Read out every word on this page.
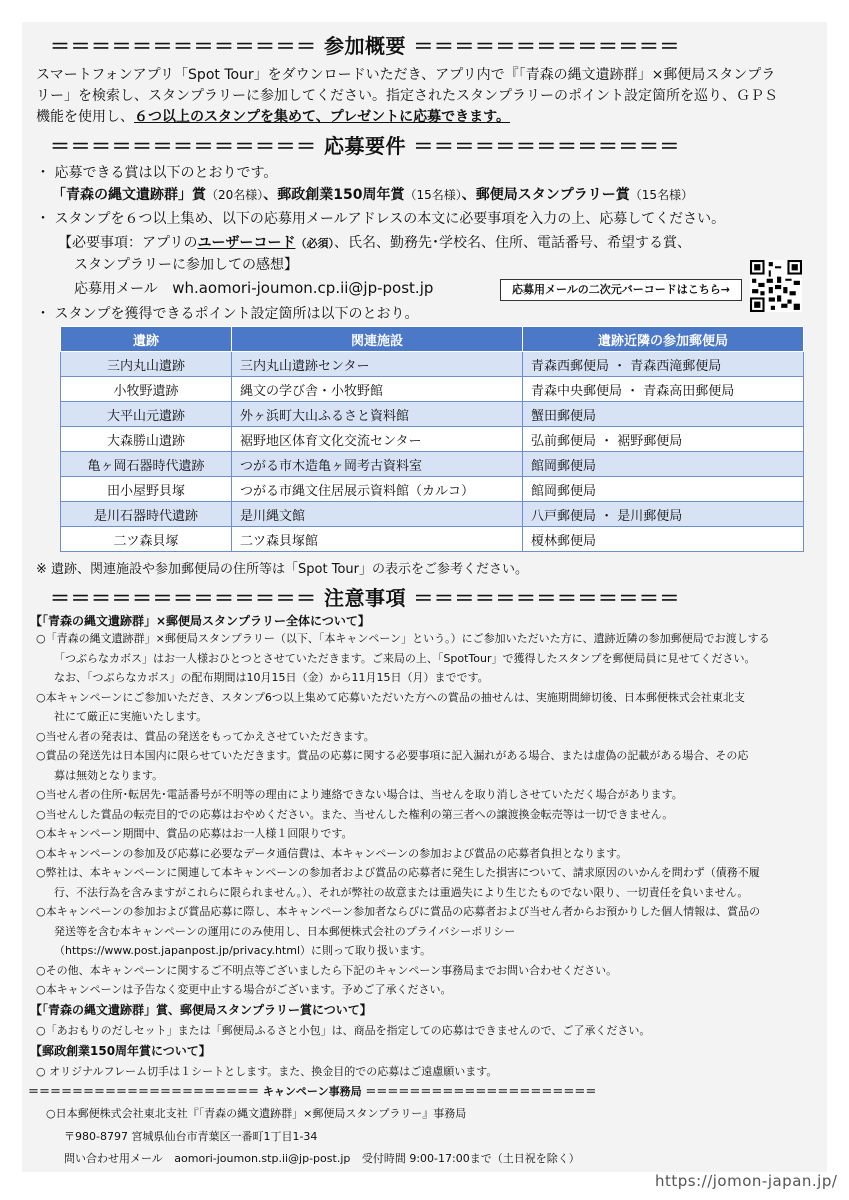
＝＝＝＝＝＝＝＝＝＝＝＝＝ 参加概要 ＝＝＝＝＝＝＝＝＝＝＝＝＝
スマートフォンアプリ「Spot Tour」をダウンロードいただき、アプリ内で『「青森の縄文遺跡群」×郵便局スタンプラ
リー」を検索し、スタンプラリーに参加してください。指定されたスタンプラリーのポイント設定箇所を巡り、ＧＰＳ
機能を使用し、６つ以上のスタンプを集めて、プレゼントに応募できます。
＝＝＝＝＝＝＝＝＝＝＝＝＝ 応募要件 ＝＝＝＝＝＝＝＝＝＝＝＝＝
・ 応募できる賞は以下のとおりです。
「青森の縄文遺跡群」賞（20名様）、郵政創業150周年賞（15名様）、郵便局スタンプラリー賞（15名様）
・ スタンプを６つ以上集め、以下の応募用メールアドレスの本文に必要事項を入力の上、応募してください。
【必要事項：アプリのユーザーコード（必須）、氏名、勤務先･学校名、住所、電話番号、希望する賞、
スタンプラリーに参加しての感想】
応募用メール wh.aomori-joumon.cp.ii@jp-post.jp	応募用メールの二次元バーコードはこちら→
・ スタンプを獲得できるポイント設定箇所は以下のとおり。
遺跡	関連施設	遺跡近隣の参加郵便局
三内丸山遺跡	三内丸山遺跡センター	青森西郵便局 ・ 青森西滝郵便局
小牧野遺跡	縄文の学び舎・小牧野館	青森中央郵便局 ・ 青森高田郵便局
大平山元遺跡	外ヶ浜町大山ふるさと資料館	蟹田郵便局
大森勝山遺跡	裾野地区体育文化交流センター	弘前郵便局 ・ 裾野郵便局
亀ヶ岡石器時代遺跡	つがる市木造亀ヶ岡考古資料室	館岡郵便局
田小屋野貝塚	つがる市縄文住居展示資料館（カルコ）	館岡郵便局
是川石器時代遺跡	是川縄文館	八戸郵便局 ・ 是川郵便局
二ツ森貝塚	二ツ森貝塚館	榎林郵便局
※ 遺跡、関連施設や参加郵便局の住所等は「Spot Tour」の表示をご参考ください。
＝＝＝＝＝＝＝＝＝＝＝＝＝ 注意事項 ＝＝＝＝＝＝＝＝＝＝＝＝＝
【「青森の縄文遺跡群」×郵便局スタンプラリー全体について】
○「青森の縄文遺跡群」×郵便局スタンプラリー（以下、「本キャンペーン」という。）にご参加いただいた方に、遺跡近隣の参加郵便局でお渡しする
「つぶらなカボス」はお一人様おひとつとさせていただきます。ご来局の上、「SpotTour」で獲得したスタンプを郵便局員に見せてください。
なお、「つぶらなカボス」の配布期間は10月15日（金）から11月15日（月）までです。
○本キャンペーンにご参加いただき、スタンプ6つ以上集めて応募いただいた方への賞品の抽せんは、実施期間締切後、日本郵便株式会社東北支
社にて厳正に実施いたします。
○当せん者の発表は、賞品の発送をもってかえさせていただきます。
○賞品の発送先は日本国内に限らせていただきます。賞品の応募に関する必要事項に記入漏れがある場合、または虚偽の記載がある場合、その応
募は無効となります。
○当せん者の住所･転居先･電話番号が不明等の理由により連絡できない場合は、当せんを取り消しさせていただく場合があります。
○当せんした賞品の転売目的での応募はおやめください。また、当せんした権利の第三者への譲渡換金転売等は一切できません。
○本キャンペーン期間中、賞品の応募はお一人様１回限りです。
○本キャンペーンの参加及び応募に必要なデータ通信費は、本キャンペーンの参加および賞品の応募者負担となります。
○弊社は、本キャンペーンに関連して本キャンペーンの参加者および賞品の応募者に発生した損害について、請求原因のいかんを問わず（債務不履
行、不法行為を含みますがこれらに限られません。）、それが弊社の故意または重過失により生じたものでない限り、一切責任を負いません。
○本キャンペーンの参加および賞品応募に際し、本キャンペーン参加者ならびに賞品の応募者および当せん者からお預かりした個人情報は、賞品の
発送等を含む本キャンペーンの運用にのみ使用し、日本郵便株式会社のプライバシーポリシー
（https://www.post.japanpost.jp/privacy.html）に則って取り扱います。
○その他、本キャンペーンに関するご不明点等ございましたら下記のキャンペーン事務局までお問い合わせください。
○本キャンペーンは予告なく変更中止する場合がございます。予めご了承ください。
【「青森の縄文遺跡群」賞、郵便局スタンプラリー賞について】
○「あおもりのだしセット」または「郵便局ふるさと小包」は、商品を指定しての応募はできませんので、ご了承ください。
【郵政創業150周年賞について】
○ オリジナルフレーム切手は１シートとします。また、換金目的での応募はご遠慮願います。
＝＝＝＝＝＝＝＝＝＝＝＝＝＝＝＝＝＝＝＝＝ キャンペーン事務局 ＝＝＝＝＝＝＝＝＝＝＝＝＝＝＝＝＝＝＝＝＝
○日本郵便株式会社東北支社『「青森の縄文遺跡群」×郵便局スタンプラリー』事務局
〒980-8797 宮城県仙台市青葉区一番町1丁目1-34
問い合わせ用メール aomori-joumon.stp.ii@jp-post.jp 受付時間 9:00-17:00まで（土日祝を除く）
https://jomon-japan.jp/
